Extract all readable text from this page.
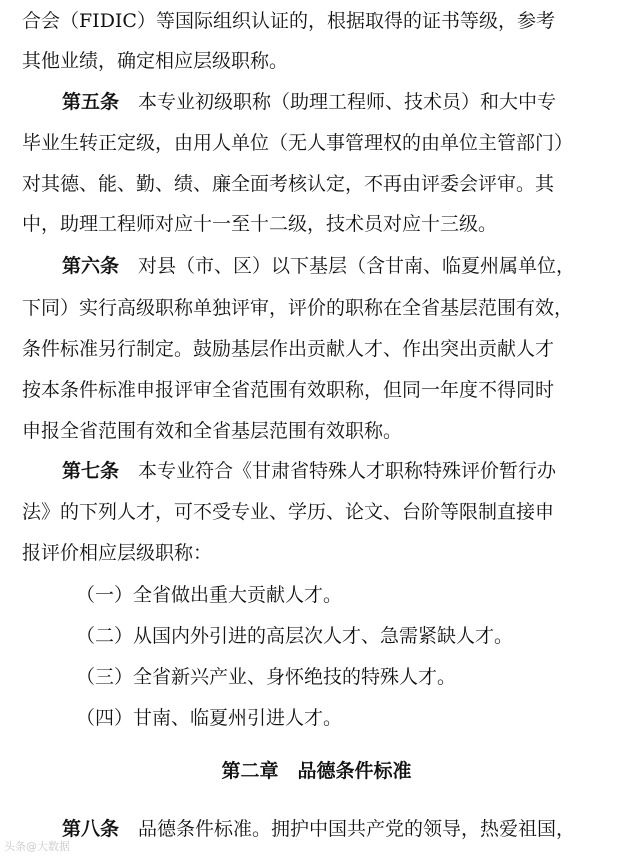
合会（FIDIC）等国际组织认证的，根据取得的证书等级，参考
其他业绩，确定相应层级职称。
第五条　 本专业初级职称（助理工程师、技术员）和大中专
毕业生转正定级，由用人单位（无人事管理权的由单位主管部门）
对其德、能、勤、绩、廉全面考核认定，不再由评委会评审。其
中，助理工程师对应十一至十二级，技术员对应十三级。
第六条　 对县（市、区）以下基层（含甘南、临夏州属单位，
下同）实行高级职称单独评审，评价的职称在全省基层范围有效，
条件标准另行制定。鼓励基层作出贡献人才、作出突出贡献人才
按本条件标准申报评审全省范围有效职称，但同一年度不得同时
申报全省范围有效和全省基层范围有效职称。
第七条　 本专业符合《甘肃省特殊人才职称特殊评价暂行办
法》的下列人才，可不受专业、学历、论文、台阶等限制直接申
报评价相应层级职称：
（一）全省做出重大贡献人才。
（二）从国内外引进的高层次人才、急需紧缺人才。
（三）全省新兴产业、身怀绝技的特殊人才。
（四）甘南、临夏州引进人才。
第二章　品德条件标准
第八条　 品德条件标准。拥护中国共产党的领导，热爱祖国，
头条@大数据
